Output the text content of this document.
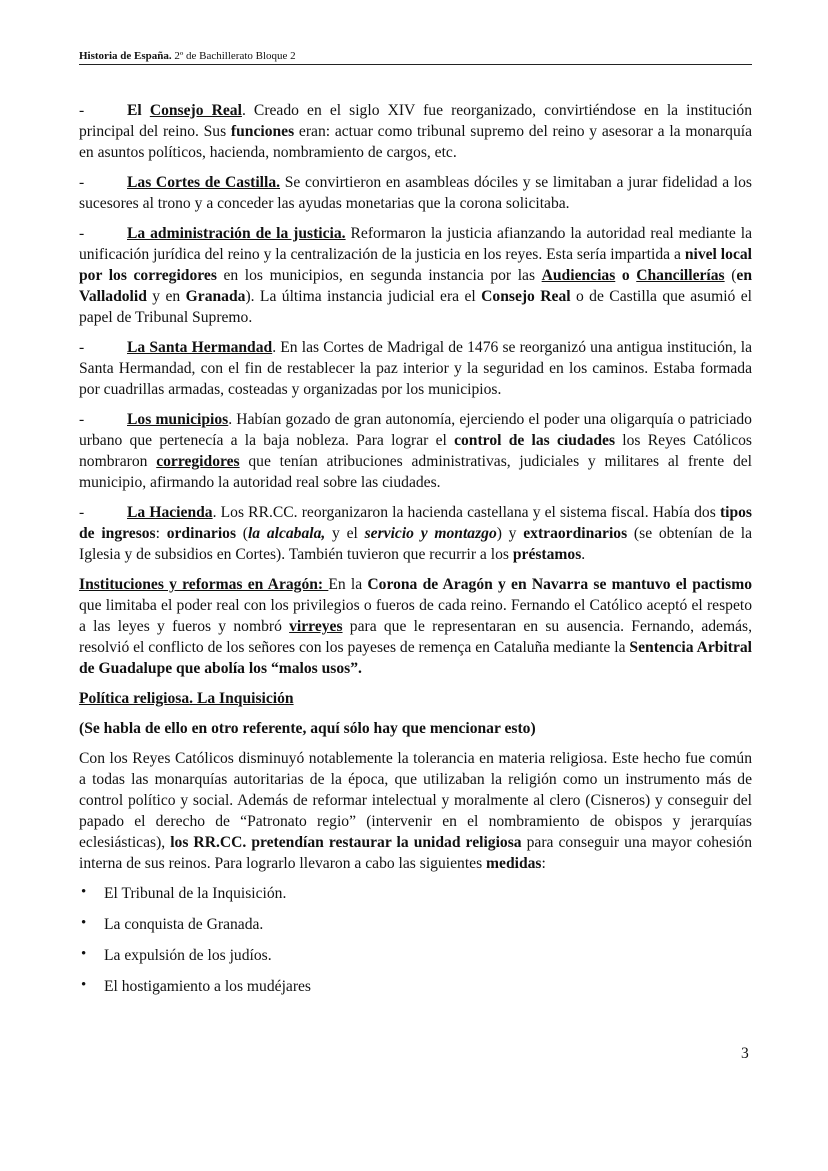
Historia de España. 2º de Bachillerato Bloque 2

-	El Consejo Real. Creado en el siglo XIV fue reorganizado, convirtiéndose en la institución principal del reino. Sus funciones eran: actuar como tribunal supremo del reino y asesorar a la monarquía en asuntos políticos, hacienda, nombramiento de cargos, etc.

-	Las Cortes de Castilla. Se convirtieron en asambleas dóciles y se limitaban a jurar fidelidad a los sucesores al trono y a conceder las ayudas monetarias que la corona solicitaba.

-	La administración de la justicia. Reformaron la justicia afianzando la autoridad real mediante la unificación jurídica del reino y la centralización de la justicia en los reyes. Esta sería impartida a nivel local por los corregidores en los municipios, en segunda instancia por las Audiencias o Chancillerías (en Valladolid y en Granada). La última instancia judicial era el Consejo Real o de Castilla que asumió el papel de Tribunal Supremo.

-	La Santa Hermandad. En las Cortes de Madrigal de 1476 se reorganizó una antigua institución, la Santa Hermandad, con el fin de restablecer la paz interior y la seguridad en los caminos. Estaba formada por cuadrillas armadas, costeadas y organizadas por los municipios.

-	Los municipios. Habían gozado de gran autonomía, ejerciendo el poder una oligarquía o patriciado urbano que pertenecía a la baja nobleza. Para lograr el control de las ciudades los Reyes Católicos nombraron corregidores que tenían atribuciones administrativas, judiciales y militares al frente del municipio, afirmando la autoridad real sobre las ciudades.

-	La Hacienda. Los RR.CC. reorganizaron la hacienda castellana y el sistema fiscal. Había dos tipos de ingresos: ordinarios (la alcabala, y el servicio y montazgo) y extraordinarios (se obtenían de la Iglesia y de subsidios en Cortes). También tuvieron que recurrir a los préstamos.

Instituciones y reformas en Aragón: En la Corona de Aragón y en Navarra se mantuvo el pactismo que limitaba el poder real con los privilegios o fueros de cada reino. Fernando el Católico aceptó el respeto a las leyes y fueros y nombró virreyes para que le representaran en su ausencia. Fernando, además, resolvió el conflicto de los señores con los payeses de remença en Cataluña mediante la Sentencia Arbitral de Guadalupe que abolía los “malos usos”.

Política religiosa. La Inquisición

(Se habla de ello en otro referente, aquí sólo hay que mencionar esto)

Con los Reyes Católicos disminuyó notablemente la tolerancia en materia religiosa. Este hecho fue común a todas las monarquías autoritarias de la época, que utilizaban la religión como un instrumento más de control político y social. Además de reformar intelectual y moralmente al clero (Cisneros) y conseguir del papado el derecho de “Patronato regio” (intervenir en el nombramiento de obispos y jerarquías eclesiásticas), los RR.CC. pretendían restaurar la unidad religiosa para conseguir una mayor cohesión interna de sus reinos. Para lograrlo llevaron a cabo las siguientes medidas:

• El Tribunal de la Inquisición.
• La conquista de Granada.
• La expulsión de los judíos.
• El hostigamiento a los mudéjares
3
